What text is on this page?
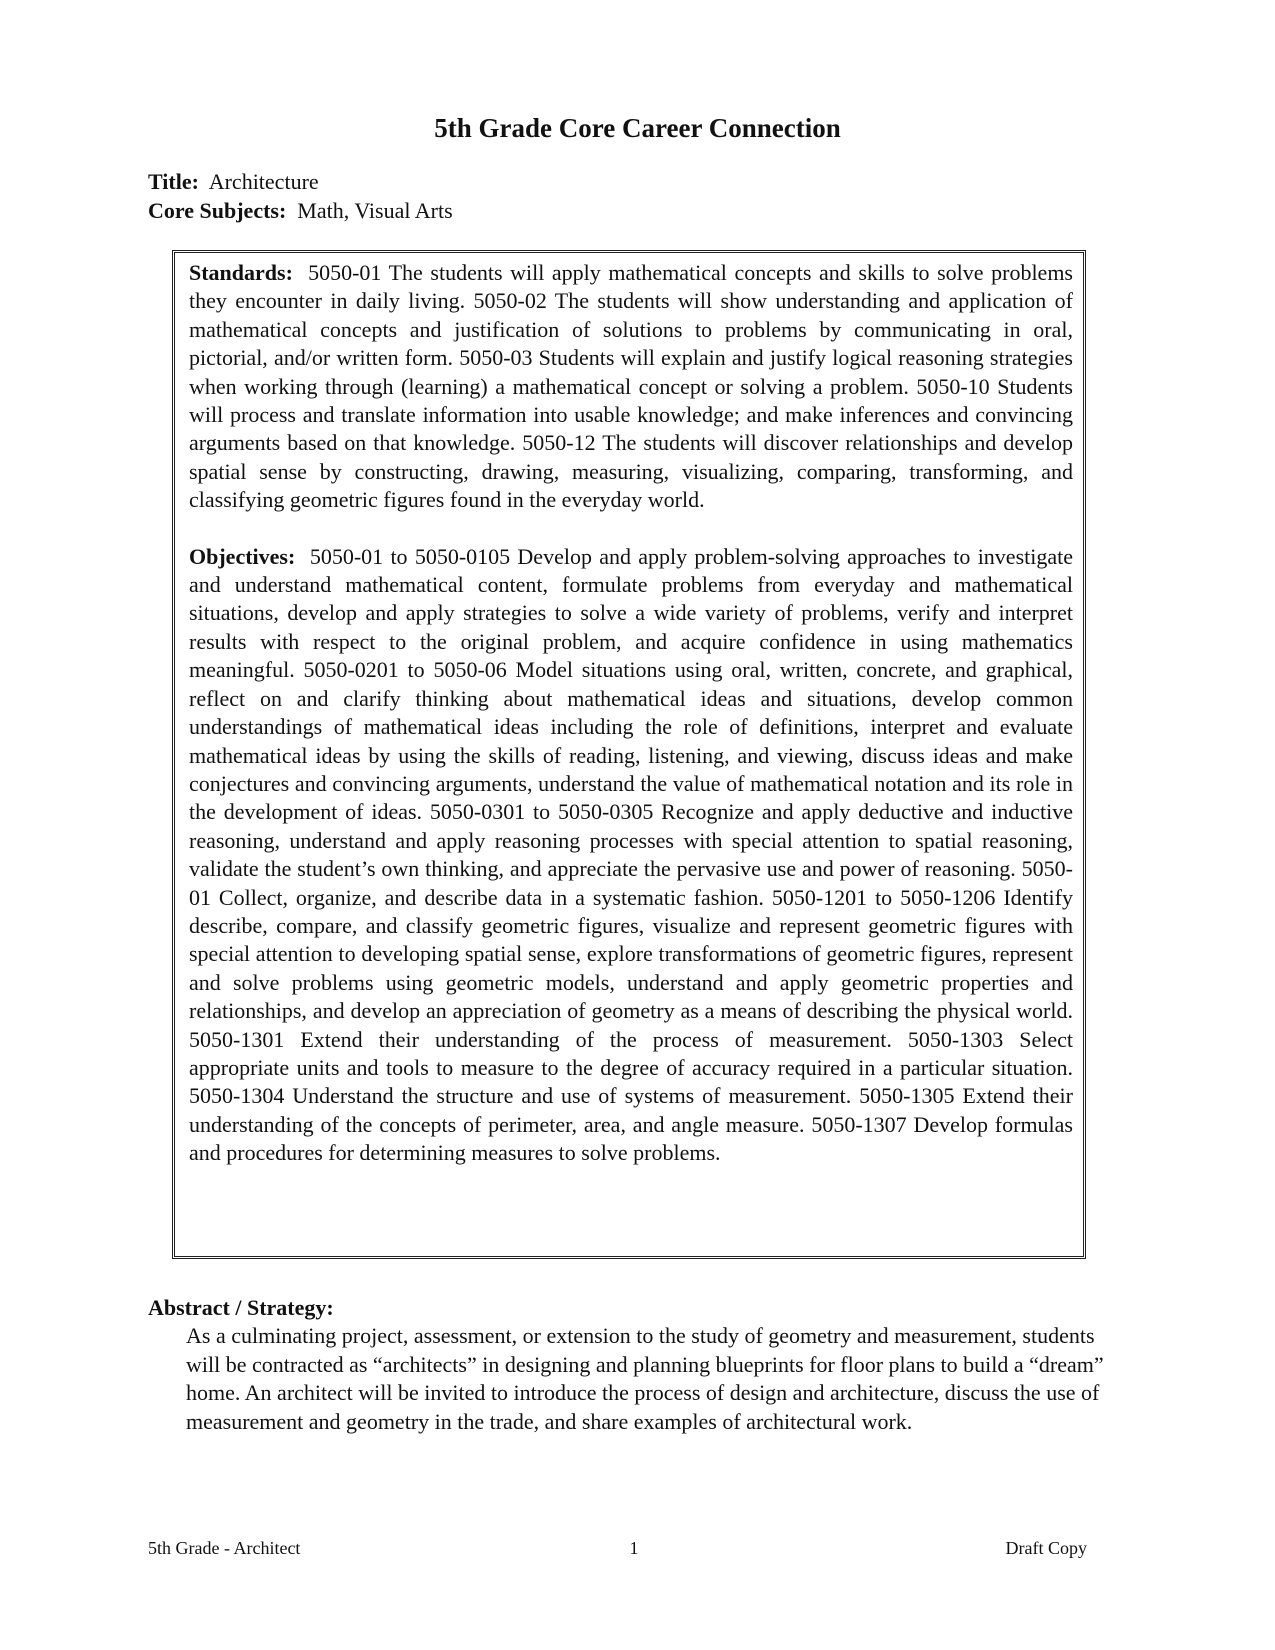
5th Grade Core Career Connection
Title: Architecture
Core Subjects: Math, Visual Arts

Standards: 5050-01 The students will apply mathematical concepts and skills to solve problems they encounter in daily living. 5050-02 The students will show understanding and application of mathematical concepts and justification of solutions to problems by communicating in oral, pictorial, and/or written form. 5050-03 Students will explain and justify logical reasoning strategies when working through (learning) a mathematical concept or solving a problem. 5050-10 Students will process and translate information into usable knowledge; and make inferences and convincing arguments based on that knowledge. 5050-12 The students will discover relationships and develop spatial sense by constructing, drawing, measuring, visualizing, comparing, transforming, and classifying geometric figures found in the everyday world.

Objectives: 5050-01 to 5050-0105 Develop and apply problem-solving approaches to investigate and understand mathematical content, formulate problems from everyday and mathematical situations, develop and apply strategies to solve a wide variety of problems, verify and interpret results with respect to the original problem, and acquire confidence in using mathematics meaningful. 5050-0201 to 5050-06 Model situations using oral, written, concrete, and graphical, reflect on and clarify thinking about mathematical ideas and situations, develop common understandings of mathematical ideas including the role of definitions, interpret and evaluate mathematical ideas by using the skills of reading, listening, and viewing, discuss ideas and make conjectures and convincing arguments, understand the value of mathematical notation and its role in the development of ideas. 5050-0301 to 5050-0305 Recognize and apply deductive and inductive reasoning, understand and apply reasoning processes with special attention to spatial reasoning, validate the student’s own thinking, and appreciate the pervasive use and power of reasoning. 5050-01 Collect, organize, and describe data in a systematic fashion. 5050-1201 to 5050-1206 Identify describe, compare, and classify geometric figures, visualize and represent geometric figures with special attention to developing spatial sense, explore transformations of geometric figures, represent and solve problems using geometric models, understand and apply geometric properties and relationships, and develop an appreciation of geometry as a means of describing the physical world. 5050-1301 Extend their understanding of the process of measurement. 5050-1303 Select appropriate units and tools to measure to the degree of accuracy required in a particular situation. 5050-1304 Understand the structure and use of systems of measurement. 5050-1305 Extend their understanding of the concepts of perimeter, area, and angle measure. 5050-1307 Develop formulas and procedures for determining measures to solve problems.

Abstract / Strategy:

As a culminating project, assessment, or extension to the study of geometry and measurement, students will be contracted as “architects” in designing and planning blueprints for floor plans to build a “dream” home. An architect will be invited to introduce the process of design and architecture, discuss the use of measurement and geometry in the trade, and share examples of architectural work.

5th Grade - Architect	1	Draft Copy
